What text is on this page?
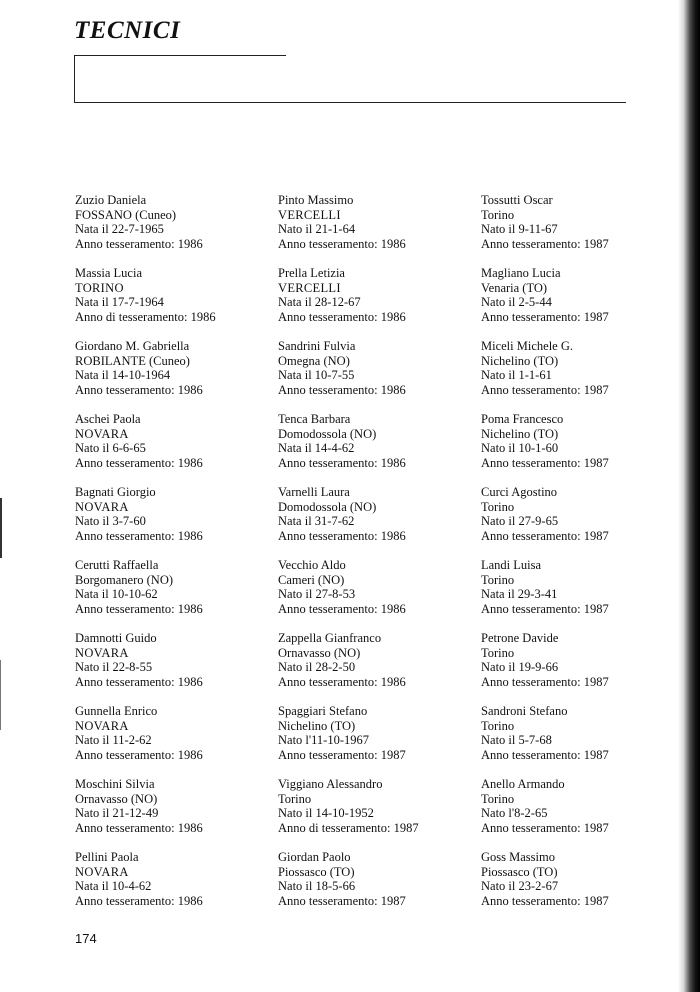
TECNICI
Zuzio Daniela
FOSSANO (Cuneo)
Nata il 22-7-1965
Anno tesseramento: 1986
Massia Lucia
TORINO
Nata il 17-7-1964
Anno di tesseramento: 1986
Giordano M. Gabriella
ROBILANTE (Cuneo)
Nata il 14-10-1964
Anno tesseramento: 1986
Aschei Paola
NOVARA
Nato il 6-6-65
Anno tesseramento: 1986
Bagnati Giorgio
NOVARA
Nato il 3-7-60
Anno tesseramento: 1986
Cerutti Raffaella
Borgomanero (NO)
Nata il 10-10-62
Anno tesseramento: 1986
Damnotti Guido
NOVARA
Nato il 22-8-55
Anno tesseramento: 1986
Gunnella Enrico
NOVARA
Nato il 11-2-62
Anno tesseramento: 1986
Moschini Silvia
Ornavasso (NO)
Nato il 21-12-49
Anno tesseramento: 1986
Pellini Paola
NOVARA
Nata il 10-4-62
Anno tesseramento: 1986
Pinto Massimo
VERCELLI
Nato il 21-1-64
Anno tesseramento: 1986
Prella Letizia
VERCELLI
Nata il 28-12-67
Anno tesseramento: 1986
Sandrini Fulvia
Omegna (NO)
Nata il 10-7-55
Anno tesseramento: 1986
Tenca Barbara
Domodossola (NO)
Nata il 14-4-62
Anno tesseramento: 1986
Varnelli Laura
Domodossola (NO)
Nata il 31-7-62
Anno tesseramento: 1986
Vecchio Aldo
Cameri (NO)
Nato il 27-8-53
Anno tesseramento: 1986
Zappella Gianfranco
Ornavasso (NO)
Nato il 28-2-50
Anno tesseramento: 1986
Spaggiari Stefano
Nichelino (TO)
Nato l'11-10-1967
Anno tesseramento: 1987
Viggiano Alessandro
Torino
Nato il 14-10-1952
Anno di tesseramento: 1987
Giordan Paolo
Piossasco (TO)
Nato il 18-5-66
Anno tesseramento: 1987
Tossutti Oscar
Torino
Nato il 9-11-67
Anno tesseramento: 1987
Magliano Lucia
Venaria (TO)
Nato il 2-5-44
Anno tesseramento: 1987
Miceli Michele G.
Nichelino (TO)
Nato il 1-1-61
Anno tesseramento: 1987
Poma Francesco
Nichelino (TO)
Nato il 10-1-60
Anno tesseramento: 1987
Curci Agostino
Torino
Nato il 27-9-65
Anno tesseramento: 1987
Landi Luisa
Torino
Nata il 29-3-41
Anno tesseramento: 1987
Petrone Davide
Torino
Nato il 19-9-66
Anno tesseramento: 1987
Sandroni Stefano
Torino
Nato il 5-7-68
Anno tesseramento: 1987
Anello Armando
Torino
Nato l'8-2-65
Anno tesseramento: 1987
Goss Massimo
Piossasco (TO)
Nato il 23-2-67
Anno tesseramento: 1987
174
